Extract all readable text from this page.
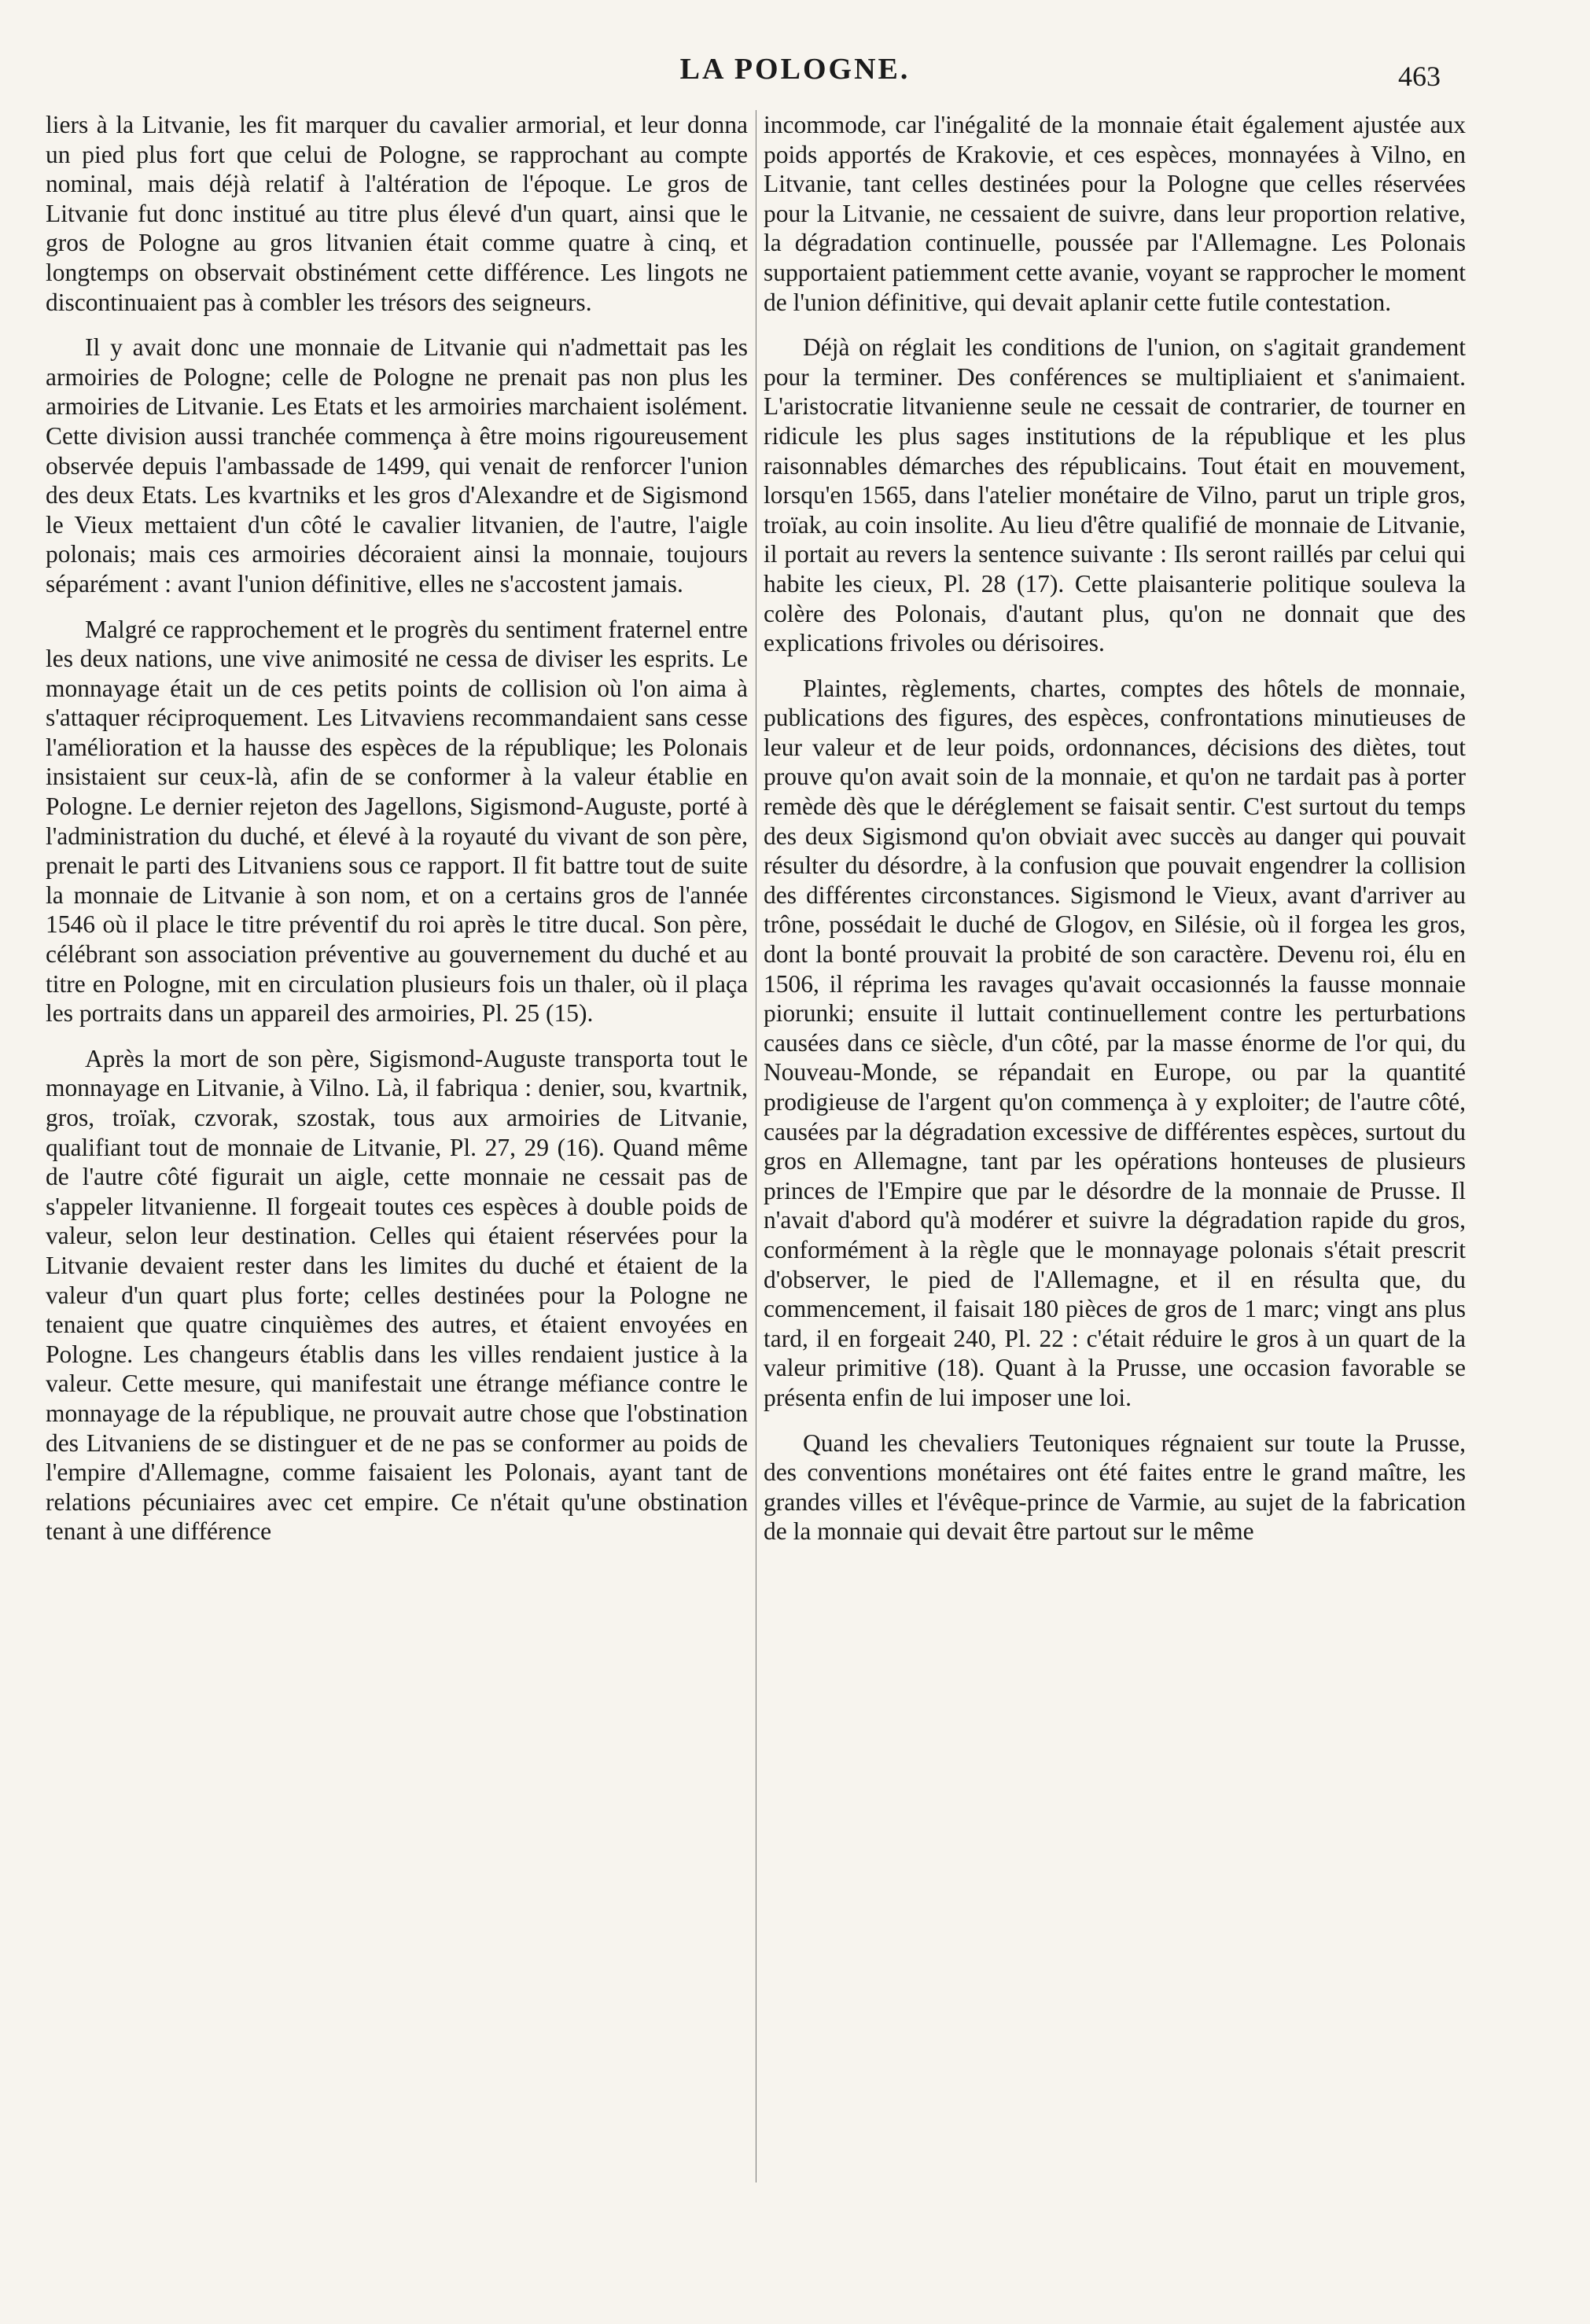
LA POLOGNE.	463

liers à la Litvanie, les fit marquer du cavalier armorial, et leur donna un pied plus fort que celui de Pologne, se rapprochant au compte nominal, mais déjà relatif à l'altération de l'époque. Le gros de Litvanie fut donc institué au titre plus élevé d'un quart, ainsi que le gros de Pologne au gros litvanien était comme quatre à cinq, et longtemps on observait obstinément cette différence. Les lingots ne discontinuaient pas à combler les trésors des seigneurs.

Il y avait donc une monnaie de Litvanie qui n'admettait pas les armoiries de Pologne; celle de Pologne ne prenait pas non plus les armoiries de Litvanie. Les Etats et les armoiries marchaient isolément. Cette division aussi tranchée commença à être moins rigoureusement observée depuis l'ambassade de 1499, qui venait de renforcer l'union des deux Etats. Les kvartniks et les gros d'Alexandre et de Sigismond le Vieux mettaient d'un côté le cavalier litvanien, de l'autre, l'aigle polonais; mais ces armoiries décoraient ainsi la monnaie, toujours séparément : avant l'union définitive, elles ne s'accostent jamais.

Malgré ce rapprochement et le progrès du sentiment fraternel entre les deux nations, une vive animosité ne cessa de diviser les esprits. Le monnayage était un de ces petits points de collision où l'on aima à s'attaquer réciproquement. Les Litvaviens recommandaient sans cesse l'amélioration et la hausse des espèces de la république; les Polonais insistaient sur ceux-là, afin de se conformer à la valeur établie en Pologne. Le dernier rejeton des Jagellons, Sigismond-Auguste, porté à l'administration du duché, et élevé à la royauté du vivant de son père, prenait le parti des Litvaniens sous ce rapport. Il fit battre tout de suite la monnaie de Litvanie à son nom, et on a certains gros de l'année 1546 où il place le titre préventif du roi après le titre ducal. Son père, célébrant son association préventive au gouvernement du duché et au titre en Pologne, mit en circulation plusieurs fois un thaler, où il plaça les portraits dans un appareil des armoiries, Pl. 25 (15).

Après la mort de son père, Sigismond-Auguste transporta tout le monnayage en Litvanie, à Vilno. Là, il fabriqua : denier, sou, kvartnik, gros, troïak, czvorak, szostak, tous aux armoiries de Litvanie, qualifiant tout de monnaie de Litvanie, Pl. 27, 29 (16). Quand même de l'autre côté figurait un aigle, cette monnaie ne cessait pas de s'appeler litvanienne. Il forgeait toutes ces espèces à double poids de valeur, selon leur destination. Celles qui étaient réservées pour la Litvanie devaient rester dans les limites du duché et étaient de la valeur d'un quart plus forte; celles destinées pour la Pologne ne tenaient que quatre cinquièmes des autres, et étaient envoyées en Pologne. Les changeurs établis dans les villes rendaient justice à la valeur. Cette mesure, qui manifestait une étrange méfiance contre le monnayage de la république, ne prouvait autre chose que l'obstination des Litvaniens de se distinguer et de ne pas se conformer au poids de l'empire d'Allemagne, comme faisaient les Polonais, ayant tant de relations pécuniaires avec cet empire. Ce n'était qu'une obstination tenant à une différence

incommode, car l'inégalité de la monnaie était également ajustée aux poids apportés de Krakovie, et ces espèces, monnayées à Vilno, en Litvanie, tant celles destinées pour la Pologne que celles réservées pour la Litvanie, ne cessaient de suivre, dans leur proportion relative, la dégradation continuelle, poussée par l'Allemagne. Les Polonais supportaient patiemment cette avanie, voyant se rapprocher le moment de l'union définitive, qui devait aplanir cette futile contestation.

Déjà on réglait les conditions de l'union, on s'agitait grandement pour la terminer. Des conférences se multipliaient et s'animaient. L'aristocratie litvanienne seule ne cessait de contrarier, de tourner en ridicule les plus sages institutions de la république et les plus raisonnables démarches des républicains. Tout était en mouvement, lorsqu'en 1565, dans l'atelier monétaire de Vilno, parut un triple gros, troïak, au coin insolite. Au lieu d'être qualifié de monnaie de Litvanie, il portait au revers la sentence suivante : Ils seront raillés par celui qui habite les cieux, Pl. 28 (17). Cette plaisanterie politique souleva la colère des Polonais, d'autant plus, qu'on ne donnait que des explications frivoles ou dérisoires.

Plaintes, règlements, chartes, comptes des hôtels de monnaie, publications des figures, des espèces, confrontations minutieuses de leur valeur et de leur poids, ordonnances, décisions des diètes, tout prouve qu'on avait soin de la monnaie, et qu'on ne tardait pas à porter remède dès que le déréglement se faisait sentir. C'est surtout du temps des deux Sigismond qu'on obviait avec succès au danger qui pouvait résulter du désordre, à la confusion que pouvait engendrer la collision des différentes circonstances. Sigismond le Vieux, avant d'arriver au trône, possédait le duché de Glogov, en Silésie, où il forgea les gros, dont la bonté prouvait la probité de son caractère. Devenu roi, élu en 1506, il réprima les ravages qu'avait occasionnés la fausse monnaie piorunki; ensuite il luttait continuellement contre les perturbations causées dans ce siècle, d'un côté, par la masse énorme de l'or qui, du Nouveau-Monde, se répandait en Europe, ou par la quantité prodigieuse de l'argent qu'on commença à y exploiter; de l'autre côté, causées par la dégradation excessive de différentes espèces, surtout du gros en Allemagne, tant par les opérations honteuses de plusieurs princes de l'Empire que par le désordre de la monnaie de Prusse. Il n'avait d'abord qu'à modérer et suivre la dégradation rapide du gros, conformément à la règle que le monnayage polonais s'était prescrit d'observer, le pied de l'Allemagne, et il en résulta que, du commencement, il faisait 180 pièces de gros de 1 marc; vingt ans plus tard, il en forgeait 240, Pl. 22 : c'était réduire le gros à un quart de la valeur primitive (18). Quant à la Prusse, une occasion favorable se présenta enfin de lui imposer une loi.

Quand les chevaliers Teutoniques régnaient sur toute la Prusse, des conventions monétaires ont été faites entre le grand maître, les grandes villes et l'évêque-prince de Varmie, au sujet de la fabrication de la monnaie qui devait être partout sur le même
